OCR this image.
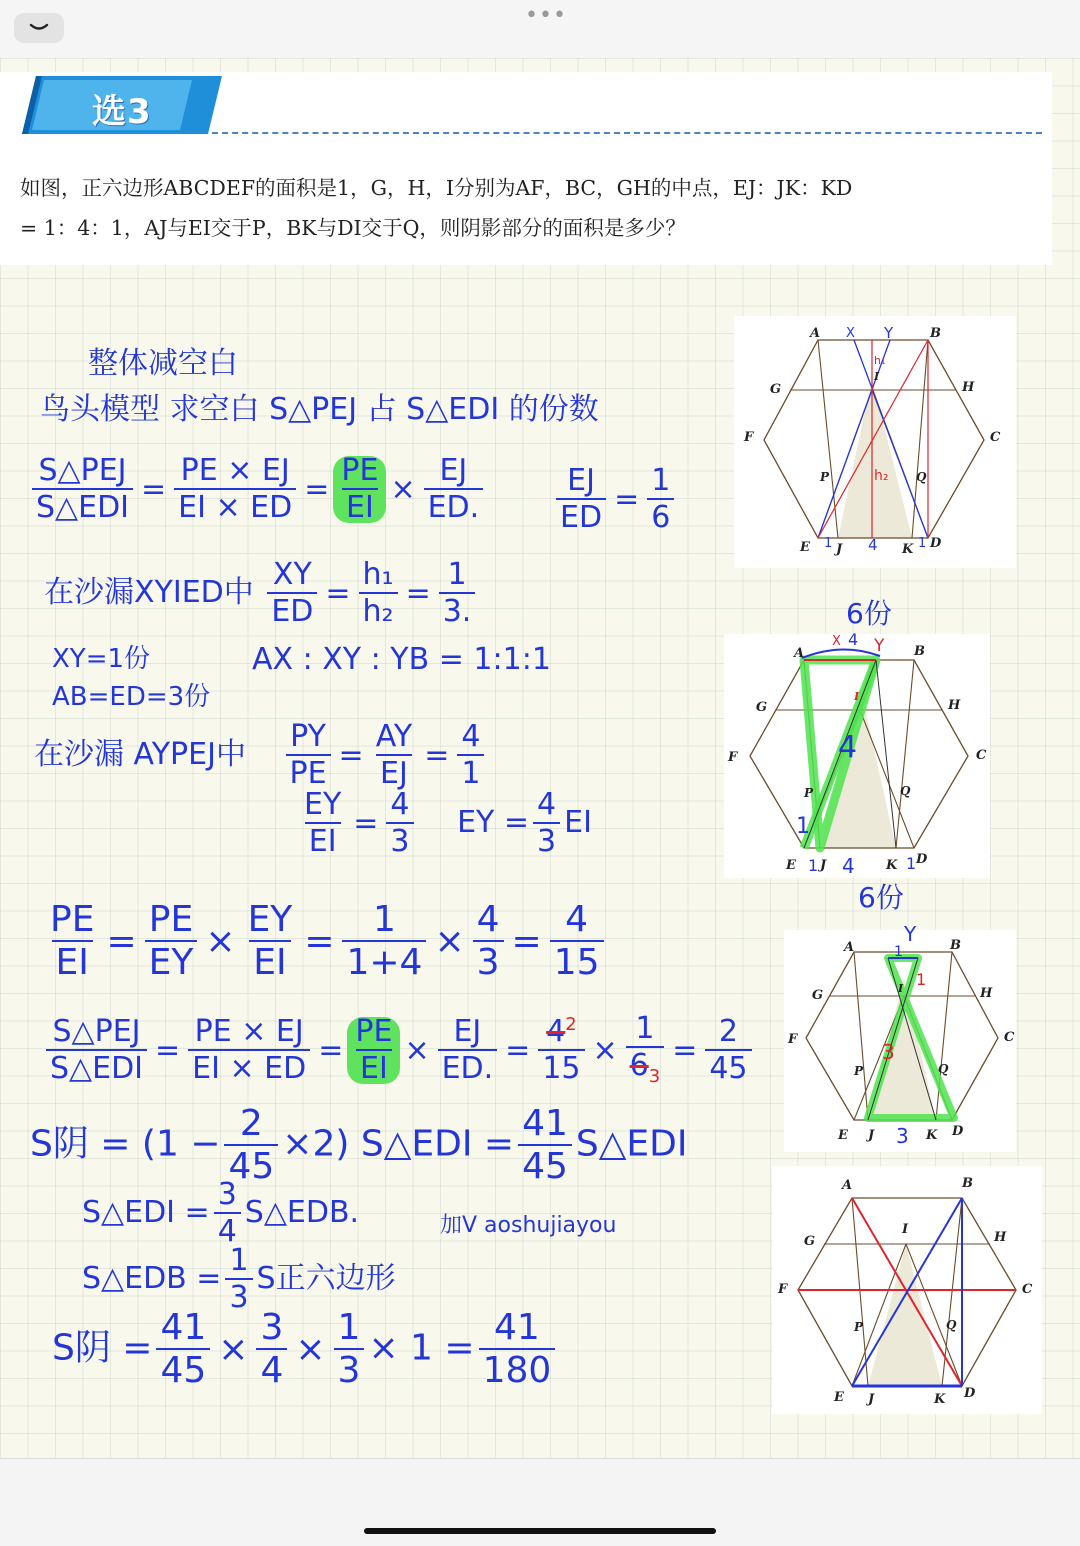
•••
选3
如图，正六边形ABCDEF的面积是1，G，H，I分别为AF，BC，GH的中点，EJ：JK：KD
= 1：4：1，AJ与EI交于P，BK与DI交于Q，则阴影部分的面积是多少？
整体减空白
鸟头模型 求空白 S△PEJ 占 S△EDI 的份数
$\frac{\text{S△PEJ}}{\text{S△EDI}} = \frac{PE \times EJ}{EI \times ED} = \frac{PE}{EI} \times \frac{EJ}{ED.} \frac{EJ}{ED} = \frac{1}{6}$
在沙漏XYIED中 $\frac{XY}{ED} = \frac{\text{h₁}}{\text{h₂}} = \frac{1}{3.}$
XY=1份
AB=ED=3份
AX : XY : YB = 1:1:1
在沙漏 AYPEJ中 $\frac{PY}{PE} = \frac{AY}{EJ} = \frac{4}{1}$
$\frac{EY}{EI} = \frac{4}{3}$ EY = $\frac{4}{3}$ EI
$\frac{PE}{EI} = \frac{PE}{EY} \times \frac{EY}{EI} = \frac{1}{1+4} \times \frac{4}{3} = \frac{4}{15}$
$\frac{\text{S△PEJ}}{\text{S△EDI}} = \frac{PE \times EJ}{EI \times ED} = \frac{PE}{EI} \times \frac{EJ}{ED.} = \frac{4^2}{15} \times \frac{1}{6_3} = \frac{2}{45}$
S阴 = $(1 - \frac{2}{45} \times 2)$ S△EDI = $\frac{41}{45}$ S△EDI
S△EDI = $\frac{3}{4}$ S△EDB.	加V aoshujiayou
S△EDB = $\frac{1}{3}$ S正六边形
S阴 = $\frac{41}{45} \times \frac{3}{4} \times \frac{1}{3} \times 1 = \frac{41}{180}$
A	B
C
D
E
F
G	H
I
J	K
P	Q
X Y
h₁
h₂
4
1	1
6份
A	B
C
D
E
F
G	H
I
J	K
P	Q
X Y
4
4
1
1 4	1
6份
A	B
C
D
E
F
G	H
I
J	K
P	Q
Y
1
1
3
3
A	B
C
D
E
F
G	H
I
J	K
P	Q
